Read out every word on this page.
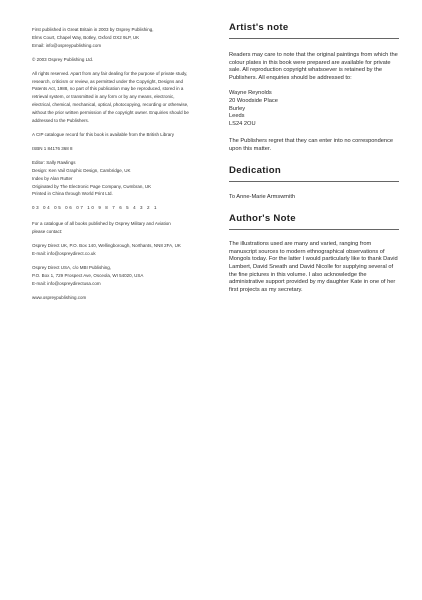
First published in Great Britain in 2003 by Osprey Publishing,

Elms Court, Chapel Way, Botley, Oxford OX2 9LP, UK

Email: info@ospreypublishing.com

© 2003 Osprey Publishing Ltd.

All rights reserved. Apart from any fair dealing for the purpose of private study,
research, criticism or review, as permitted under the Copyright, Designs and
Patents Act, 1988, no part of this publication may be reproduced, stored in a
retrieval system, or transmitted in any form or by any means, electronic,
electrical, chemical, mechanical, optical, photocopying, recording or otherwise,
without the prior written permission of the copyright owner. Enquiries should be
addressed to the Publishers.

A CIP catalogue record for this book is available from the British Library

ISBN 1 84176 368 8

Editor: Sally Rawlings
Design: Ken Vail Graphic Design, Cambridge, UK
Index by Alan Rutter
Originated by The Electronic Page Company, Cwmbran, UK
Printed in China through World Print Ltd.

03 04 05 06 07 10 9 8 7 6 5 4 3 2 1

For a catalogue of all books published by Osprey Military and Aviation
please contact:

Osprey Direct UK, P.O. Box 140, Wellingborough, Northants, NN8 2FA, UK
E-mail: info@ospreydirect.co.uk

Osprey Direct USA, c/o MBI Publishing,
P.O. Box 1, 729 Prospect Ave, Osceola, WI 54020, USA
E-mail: info@ospreydirectusa.com

www.ospreypublishing.com

Artist's note

Readers may care to note that the original paintings from which the colour plates in this book were prepared are available for private sale. All reproduction copyright whatsoever is retained by the Publishers. All enquiries should be addressed to:

Wayne Reynolds

20 Woodside Place

Burley

Leeds

LS24 2OU

The Publishers regret that they can enter into no correspondence upon this matter.

Dedication

To Anne-Marie Armswmith

Author's Note

The illustrations used are many and varied, ranging from manuscript sources to modern ethnographical observations of Mongols today. For the latter I would particularly like to thank David Lambert, David Sneath and David Nicolle for supplying several of the fine pictures in this volume. I also acknowledge the administrative support provided by my daughter Kate in one of her first projects as my secretary.
